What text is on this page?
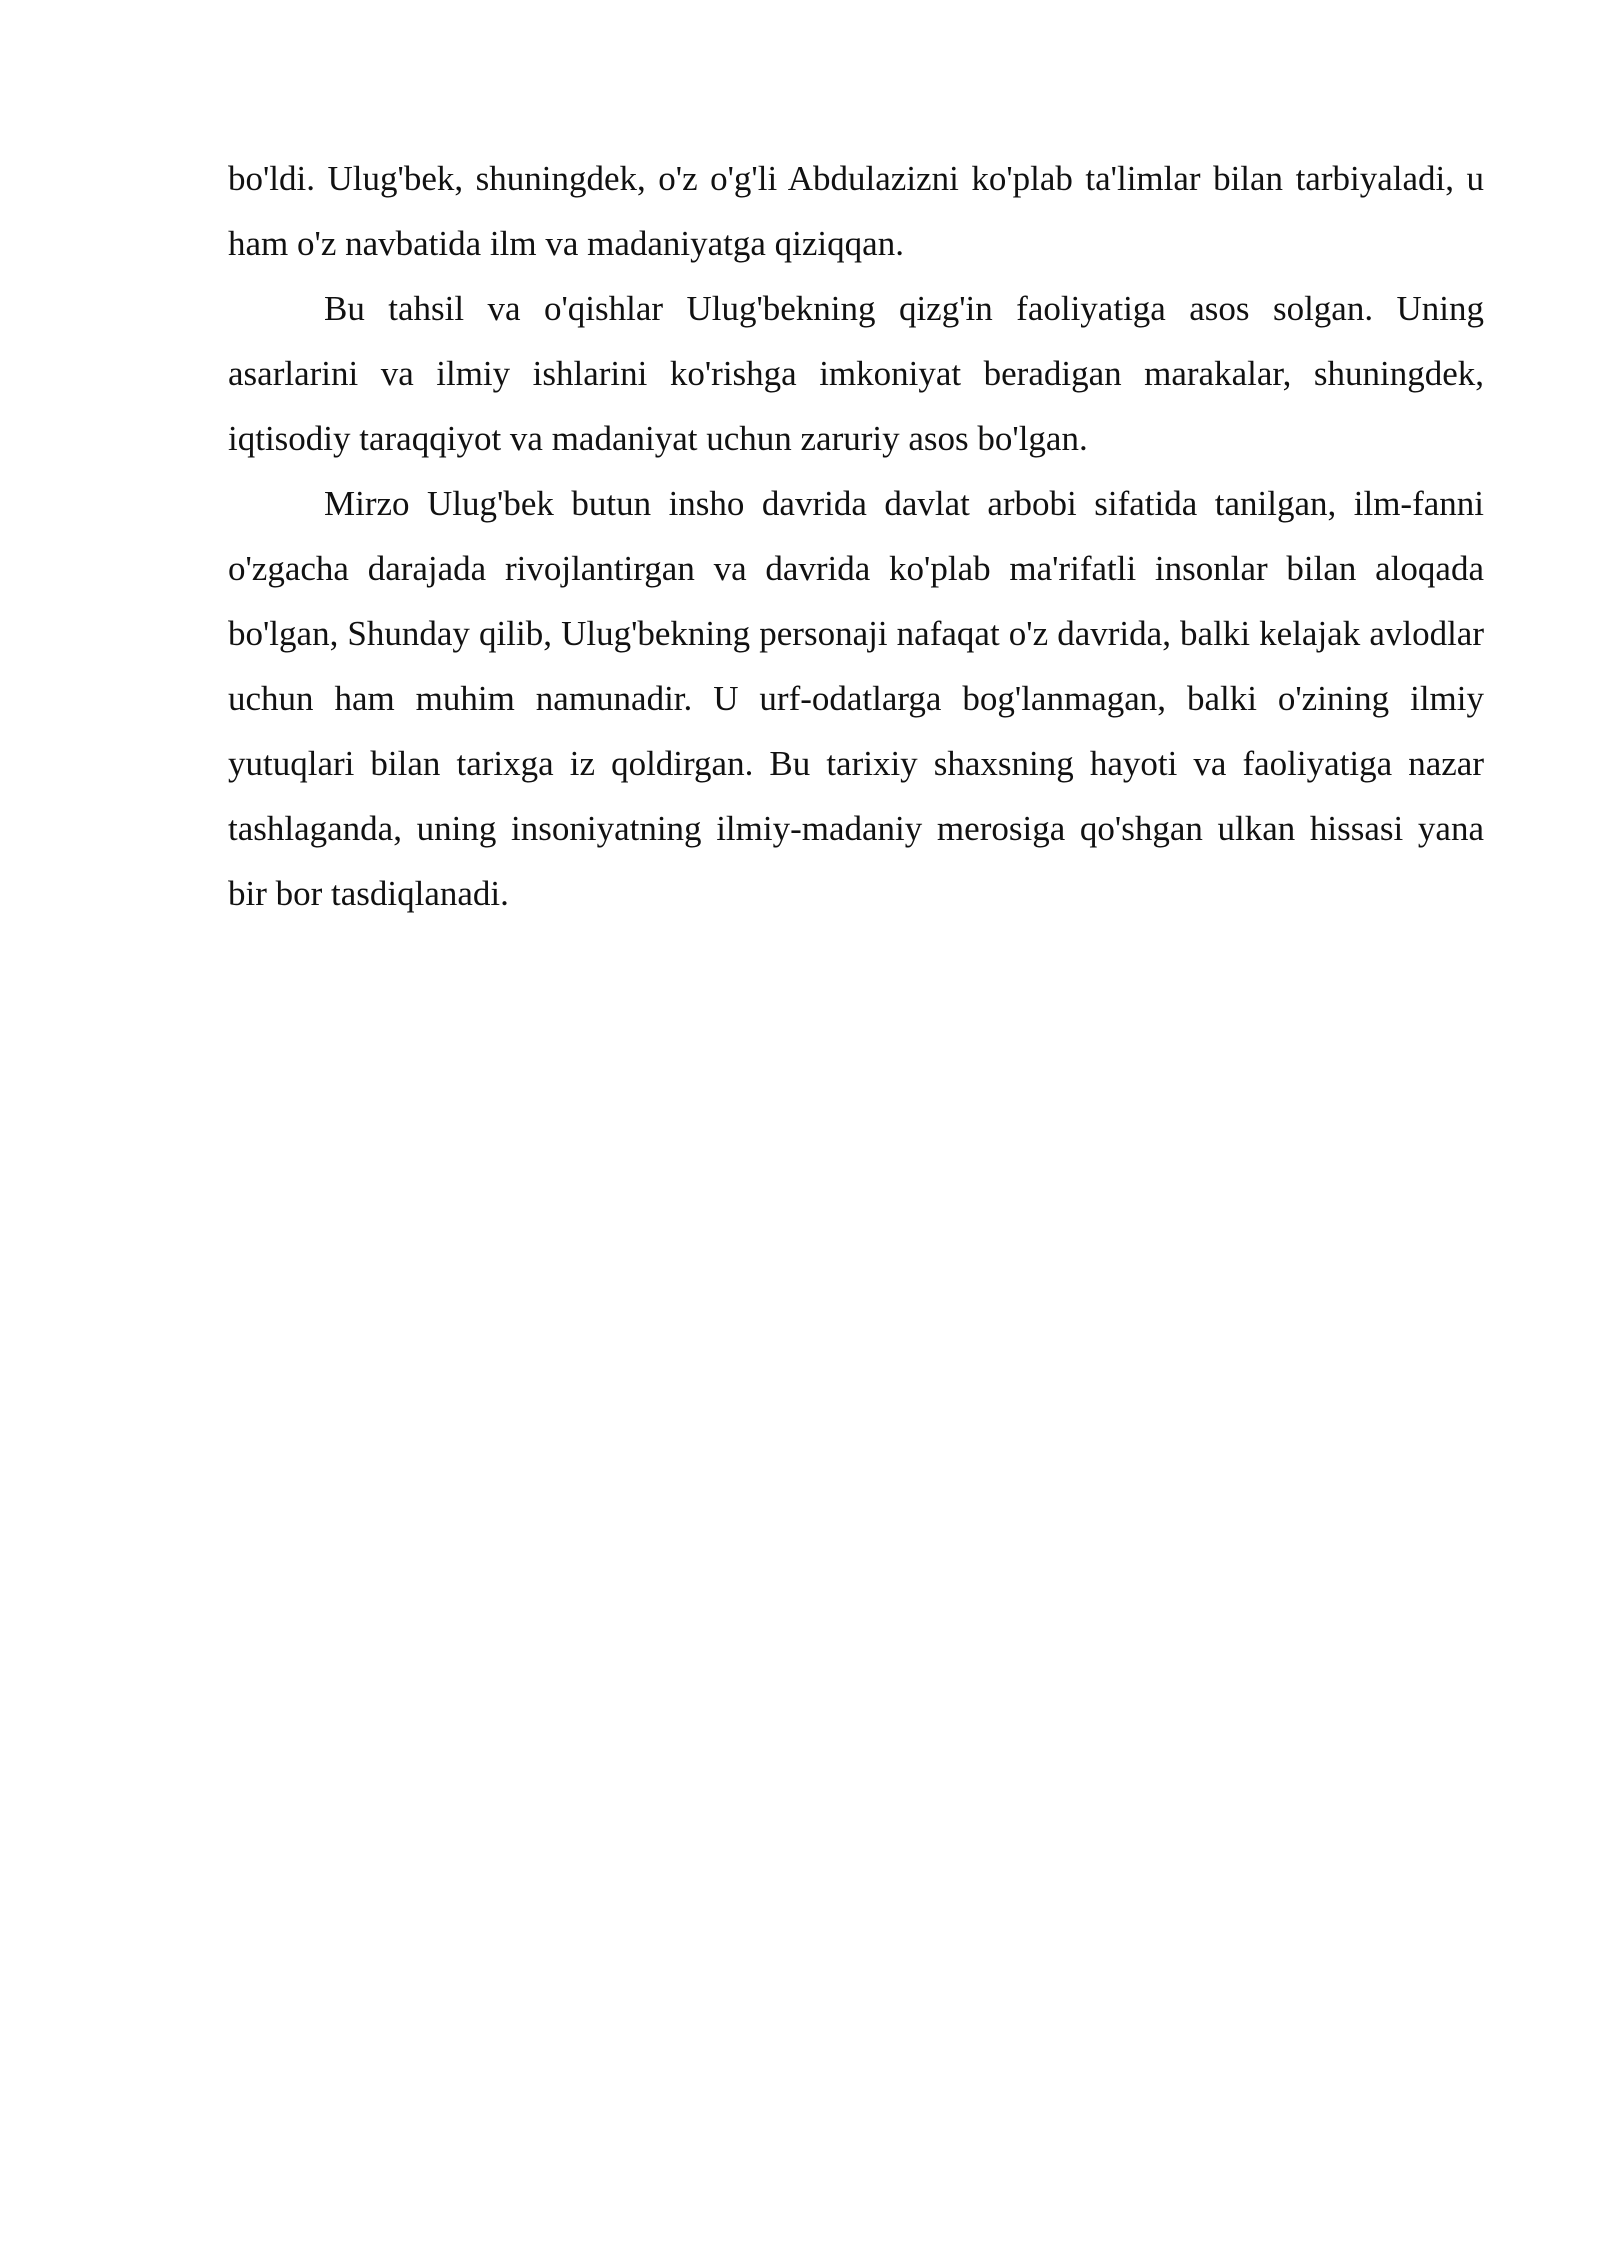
bo'ldi. Ulug'bek, shuningdek, o'z o'g'li Abdulazizni ko'plab ta'limlar bilan tarbiyaladi, u ham o'z navbatida ilm va madaniyatga qiziqqan.

Bu tahsil va o'qishlar Ulug'bekning qizg'in faoliyatiga asos solgan. Uning asarlarini va ilmiy ishlarini ko'rishga imkoniyat beradigan marakalar, shuningdek, iqtisodiy taraqqiyot va madaniyat uchun zaruriy asos bo'lgan.

Mirzo Ulug'bek butun insho davrida davlat arbobi sifatida tanilgan, ilm-fanni o'zgacha darajada rivojlantirgan va davrida ko'plab ma'rifatli insonlar bilan aloqada bo'lgan, Shunday qilib, Ulug'bekning personaji nafaqat o'z davrida, balki kelajak avlodlar uchun ham muhim namunadir. U urf-odatlarga bog'lanmagan, balki o'zining ilmiy yutuqlari bilan tarixga iz qoldirgan. Bu tarixiy shaxsning hayoti va faoliyatiga nazar tashlaganda, uning insoniyatning ilmiy-madaniy merosiga qo'shgan ulkan hissasi yana bir bor tasdiqlanadi.
